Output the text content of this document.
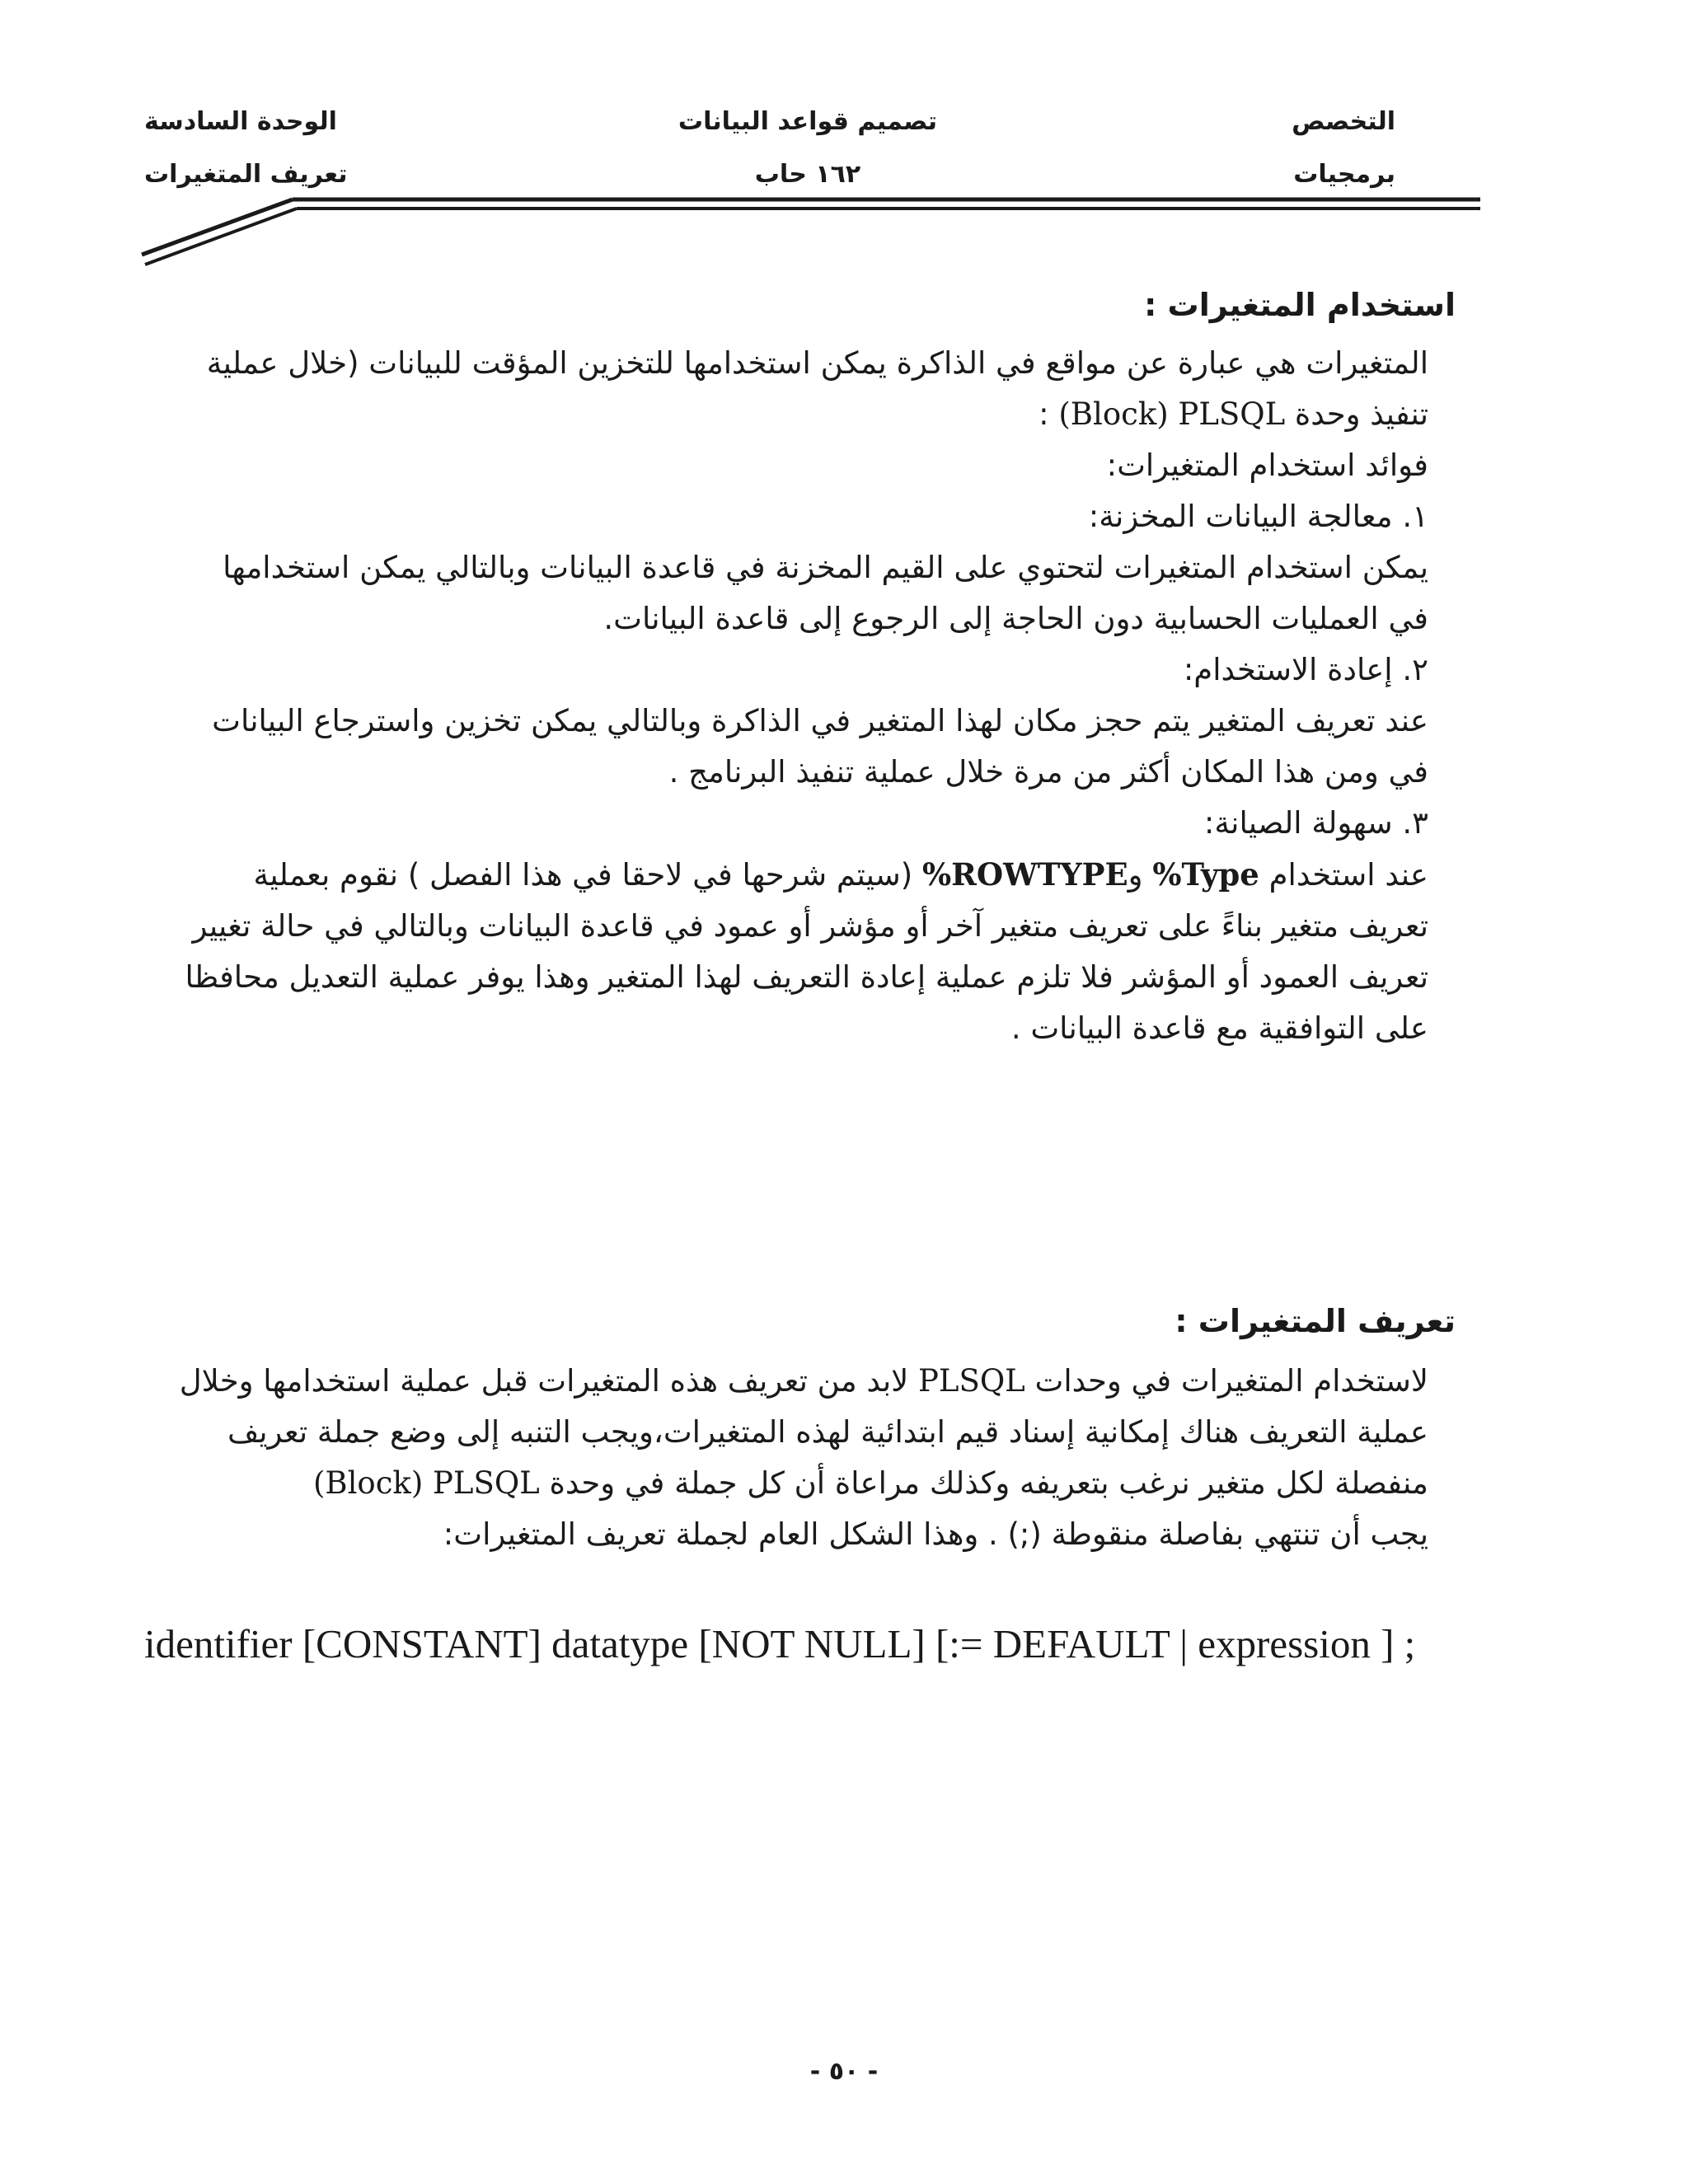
التخصص
برمجيات
تصميم قواعد البيانات
١٦٢ حاب
الوحدة السادسة
تعريف المتغيرات
استخدام المتغيرات :

المتغيرات هي عبارة عن مواقع في الذاكرة يمكن استخدامها للتخزين المؤقت للبيانات (خلال عملية

تنفيذ وحدة (Block) PLSQL :

فوائد استخدام المتغيرات:

١. معالجة البيانات المخزنة:

يمكن استخدام المتغيرات لتحتوي على القيم المخزنة في قاعدة البيانات وبالتالي يمكن استخدامها

في العمليات الحسابية دون الحاجة إلى الرجوع إلى قاعدة البيانات.

٢. إعادة الاستخدام:

عند تعريف المتغير يتم حجز مكان لهذا المتغير في الذاكرة وبالتالي يمكن تخزين واسترجاع البيانات

في ومن هذا المكان أكثر من مرة خلال عملية تنفيذ البرنامج .

٣. سهولة الصيانة:

عند استخدام %Type و%ROWTYPE (سيتم شرحها في لاحقا في هذا الفصل ) نقوم بعملية

تعريف متغير بناءً على تعريف متغير آخر أو مؤشر أو عمود في قاعدة البيانات وبالتالي في حالة تغيير

تعريف العمود أو المؤشر فلا تلزم عملية إعادة التعريف لهذا المتغير وهذا يوفر عملية التعديل محافظا

على التوافقية مع قاعدة البيانات .

تعريف المتغيرات :

لاستخدام المتغيرات في وحدات PLSQL لابد من تعريف هذه المتغيرات قبل عملية استخدامها وخلال

عملية التعريف هناك إمكانية إسناد قيم ابتدائية لهذه المتغيرات،ويجب التنبه إلى وضع جملة تعريف

منفصلة لكل متغير نرغب بتعريفه وكذلك مراعاة أن كل جملة في وحدة (Block) PLSQL

يجب أن تنتهي بفاصلة منقوطة (;) . وهذا الشكل العام لجملة تعريف المتغيرات:

identifier [CONSTANT] datatype [NOT NULL] [:= DEFAULT | expression ] ;
- ٥٠ -
